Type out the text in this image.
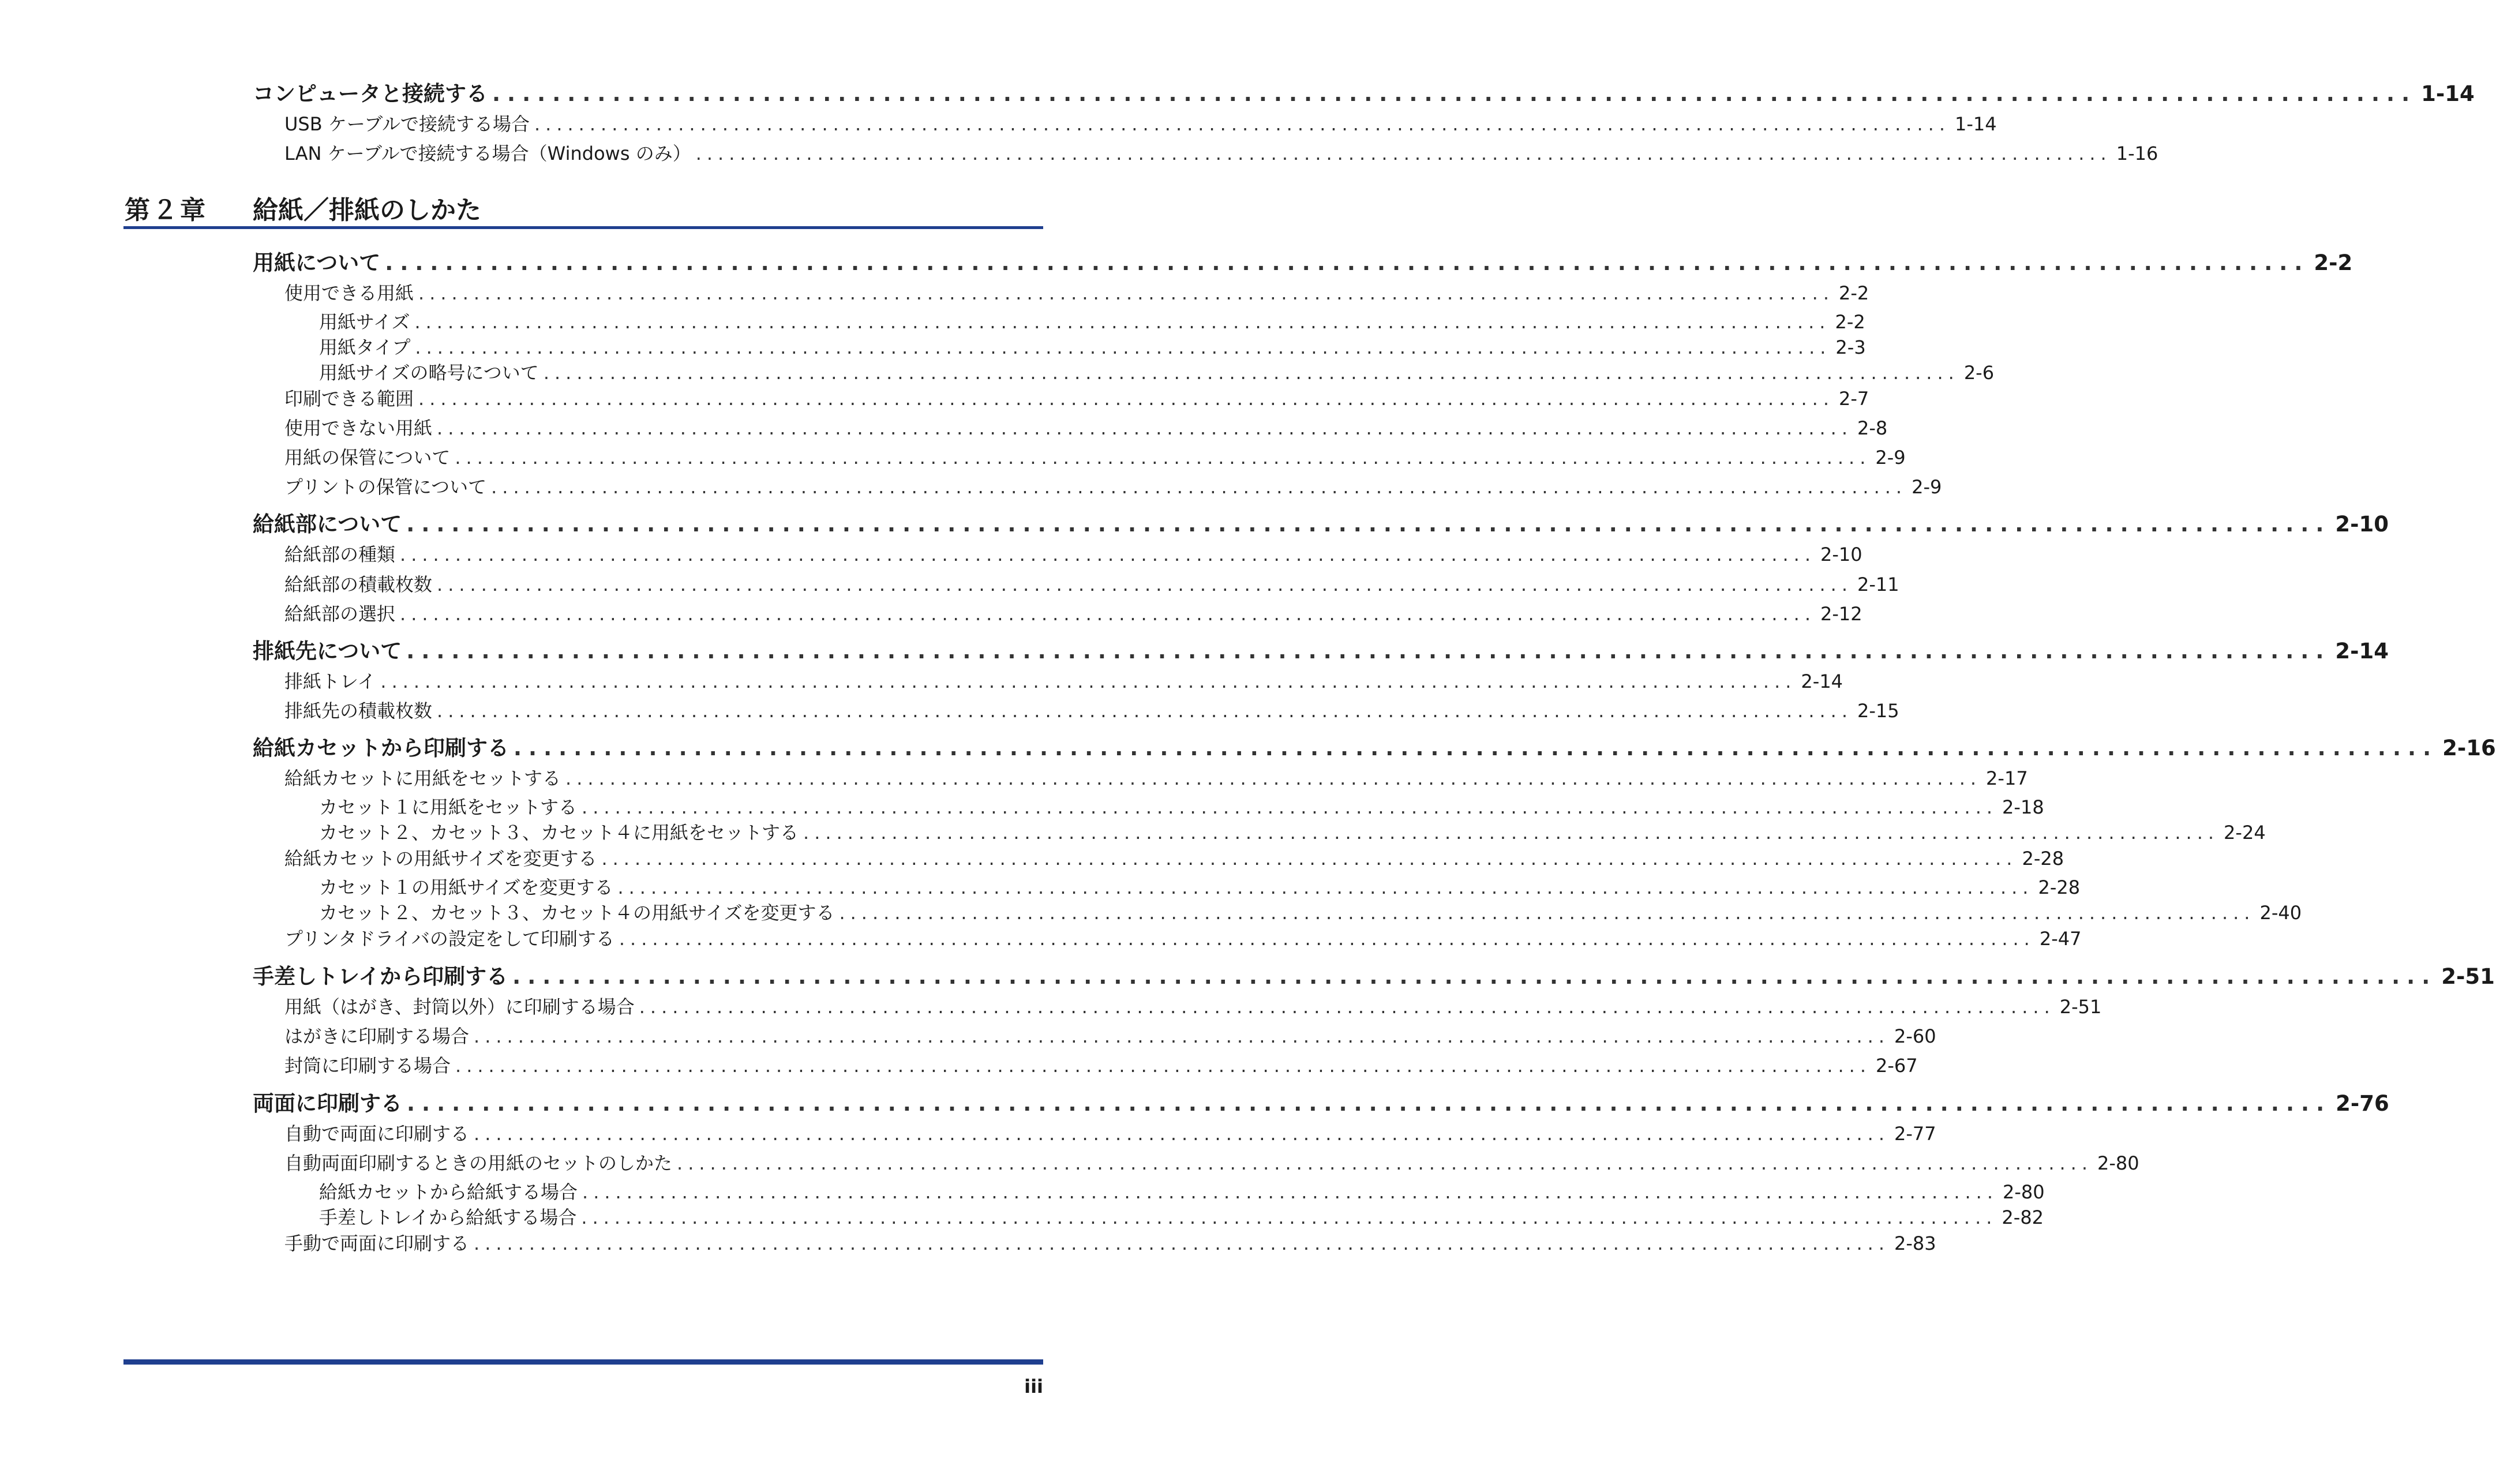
コンピュータと接続する ................................................................................................................................ 1-14
USB ケーブルで接続する場合 ................................................................................................................................ 1-14
LAN ケーブルで接続する場合（Windows のみ） ................................................................................................................................ 1-16
第２章 給紙／排紙のしかた
用紙について ................................................................................................................................ 2-2
使用できる用紙 ................................................................................................................................ 2-2
用紙サイズ ................................................................................................................................ 2-2
用紙タイプ ................................................................................................................................ 2-3
用紙サイズの略号について ................................................................................................................................ 2-6
印刷できる範囲 ................................................................................................................................ 2-7
使用できない用紙 ................................................................................................................................ 2-8
用紙の保管について ................................................................................................................................ 2-9
プリントの保管について ................................................................................................................................ 2-9
給紙部について ................................................................................................................................ 2-10
給紙部の種類 ................................................................................................................................ 2-10
給紙部の積載枚数 ................................................................................................................................ 2-11
給紙部の選択 ................................................................................................................................ 2-12
排紙先について ................................................................................................................................ 2-14
排紙トレイ ................................................................................................................................ 2-14
排紙先の積載枚数 ................................................................................................................................ 2-15
給紙カセットから印刷する ................................................................................................................................ 2-16
給紙カセットに用紙をセットする ................................................................................................................................ 2-17
カセット１に用紙をセットする ................................................................................................................................ 2-18
カセット２、カセット３、カセット４に用紙をセットする ................................................................................................................................ 2-24
給紙カセットの用紙サイズを変更する ................................................................................................................................ 2-28
カセット１の用紙サイズを変更する ................................................................................................................................ 2-28
カセット２、カセット３、カセット４の用紙サイズを変更する ................................................................................................................................ 2-40
プリンタドライバの設定をして印刷する ................................................................................................................................ 2-47
手差しトレイから印刷する ................................................................................................................................ 2-51
用紙（はがき、封筒以外）に印刷する場合 ................................................................................................................................ 2-51
はがきに印刷する場合 ................................................................................................................................ 2-60
封筒に印刷する場合 ................................................................................................................................ 2-67
両面に印刷する ................................................................................................................................ 2-76
自動で両面に印刷する ................................................................................................................................ 2-77
自動両面印刷するときの用紙のセットのしかた ................................................................................................................................ 2-80
給紙カセットから給紙する場合 ................................................................................................................................ 2-80
手差しトレイから給紙する場合 ................................................................................................................................ 2-82
手動で両面に印刷する ................................................................................................................................ 2-83
iii
